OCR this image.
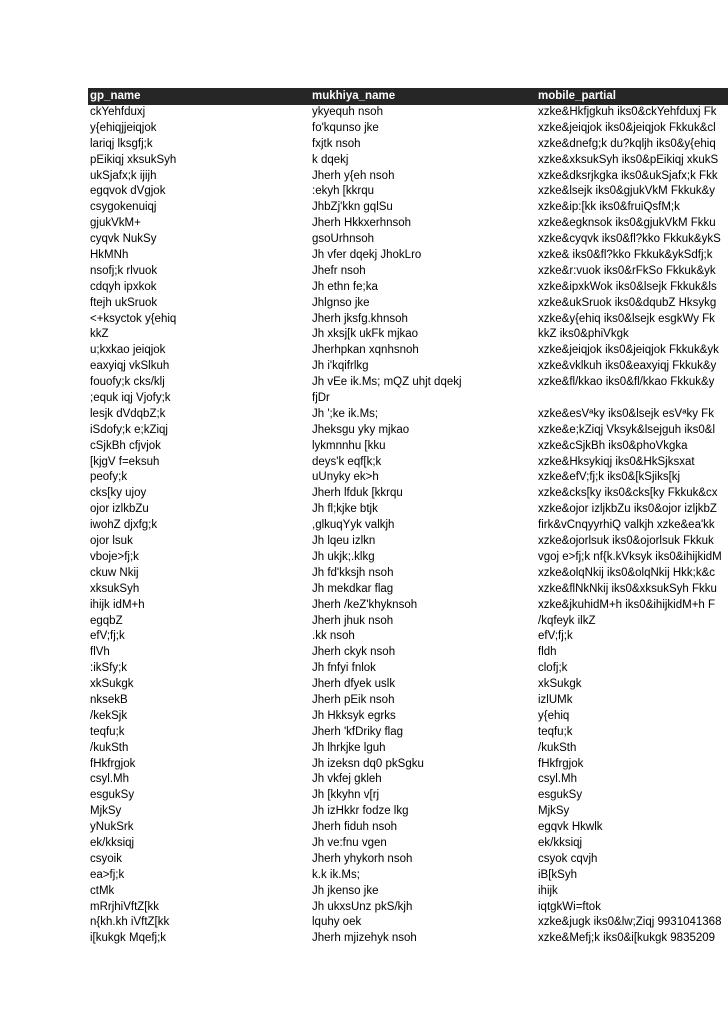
gp_name	mukhiya_name	mobile_partial
ckYehfduxj	ykyequh nsoh	xzke&Hkfjgkuh iks0&ckYehfduxj Fk
y{ehiqjjeiqjok	fo'kqunso jke	xzke&jeiqjok iks0&jeiqjok Fkkuk&cl
lariqj lksgfj;k	fxjtk nsoh	xzke&dnefg;k du?kqljh iks0&y{ehiq
pEikiqj xksukSyh	k dqekj	xzke&xksukSyh iks0&pEikiqj xkukS
ukSjafx;k ijijh	Jherh y{eh nsoh	xzke&dksrjkgka iks0&ukSjafx;k Fkk
egqvok dVgjok	:ekyh [kkrqu	xzke&lsejk iks0&gjukVkM Fkkuk&y
csygokenuiqj	JhbZj'kkn gqlSu	xzke&ip:[kk iks0&fruiQsfM;k
gjukVkM+	Jherh Hkkxerhnsoh	xzke&egknsok iks0&gjukVkM Fkku
cyqvk NukSy	gsoUrhnsoh	xzke&cyqvk iks0&fl?kko Fkkuk&ykS
HkMNh	Jh vfer dqekj JhokLro	xzke& iks0&fl?kko Fkkuk&ykSdfj;k
nsofj;k rlvuok	Jhefr nsoh	xzke&r:vuok iks0&rFkSo Fkkuk&yk
cdqyh ipxkok	Jh ethn fe;ka	xzke&ipxkWok iks0&lsejk Fkkuk&ls
ftejh ukSruok	Jhlgnso jke	xzke&ukSruok iks0&dqubZ Hksykg
<+ksyctok y{ehiq	Jherh jksfg.khnsoh	xzke&y{ehiq iks0&lsejk esgkWy Fk
kkZ	Jh xksj[k ukFk mjkao	kkZ iks0&phiVkgk
u;kxkao jeiqjok	Jherhpkan xqnhsnoh	xzke&jeiqjok iks0&jeiqjok Fkkuk&yk
eaxyiqj vkSlkuh	Jh i'kqifrlkg	xzke&vklkuh iks0&eaxyiqj Fkkuk&y
fouofy;k cks/klj	Jh vEe ik.Ms; mQZ uhjt dqekj	xzke&fl/kkao iks0&fl/kkao Fkkuk&y
;equk iqj Vjofy;k	fjDr
lesjk dVdqbZ;k	Jh ';ke ik.Ms;	xzke&esVªky iks0&lsejk esVªky Fk
iSdofy;k e;kZiqj	Jheksgu yky mjkao	xzke&e;kZiqj Vksyk&lsejguh iks0&l
cSjkBh cfjvjok	lykmnnhu [kku	xzke&cSjkBh iks0&phoVkgka
[kjgV f=eksuh	deys'k eqf[k;k	xzke&Hksykiqj iks0&HkSjksxat
peofy;k	uUnyky ek>h	xzke&efV;fj;k iks0&[kSjiks[kj
cks[ky ujoy	Jherh lfduk [kkrqu	xzke&cks[ky iks0&cks[ky Fkkuk&cx
ojor izlkbZu	Jh fl;kjke btjk	xzke&ojor izljkbZu iks0&ojor izljkbZ
iwohZ djxfg;k	,glkuqYyk valkjh	firk&vCnqyyrhiQ valkjh xzke&ea'kk
ojor lsuk	Jh lqeu izlkn	xzke&ojorlsuk iks0&ojorlsuk Fkkuk
vboje>fj;k	Jh ukjk;.klkg	vgoj e>fj;k nf{k.kVksyk iks0&ihijkidM
ckuw Nkij	Jh fd'kksjh nsoh	xzke&olqNkij iks0&olqNkij Hkk;k&c
xksukSyh	Jh mekdkar flag	xzke&flNkNkij iks0&xksukSyh Fkku
ihijk idM+h	Jherh /keZ'khyknsoh	xzke&jkuhidM+h iks0&ihijkidM+h F
egqbZ	Jherh jhuk nsoh	/kqfeyk ilkZ
efV;fj;k	.kk nsoh	efV;fj;k
flVh	Jherh ckyk nsoh	fldh
:ikSfy;k	Jh fnfyi fnlok	clofj;k
xkSukgk	Jherh dfyek uslk	xkSukgk
nksekB	Jherh pEik nsoh	izlUMk
/kekSjk	Jh Hkksyk egrks	y{ehiq
teqfu;k	Jherh 'kfDriky flag	teqfu;k
/kukSth	Jh lhrkjke lguh	/kukSth
fHkfrgjok	Jh izeksn dq0 pkSgku	fHkfrgjok
csyl.Mh	Jh vkfej gkleh	csyl.Mh
esgukSy	Jh [kkyhn v[rj	esgukSy
MjkSy	Jh izHkkr fodze lkg	MjkSy
yNukSrk	Jherh fiduh nsoh	egqvk Hkwlk
ek/kksiqj	Jh ve:fnu vgen	ek/kksiqj
csyoik	Jherh yhykorh nsoh	csyok cqvjh
ea>fj;k	k.k ik.Ms;	iB[kSyh
ctMk	Jh jkenso jke	ihijk
mRrjhiVftZ[kk	Jh ukxsUnz pkS/kjh	iqtgkWi=ftok
n{kh.kh iVftZ[kk	lquhy oek	xzke&jugk iks0&lw;Ziqj 9931041368
i[kukgk Mqefj;k	Jherh mjizehyk nsoh	xzke&Mefj;k iks0&i[kukgk 9835209
